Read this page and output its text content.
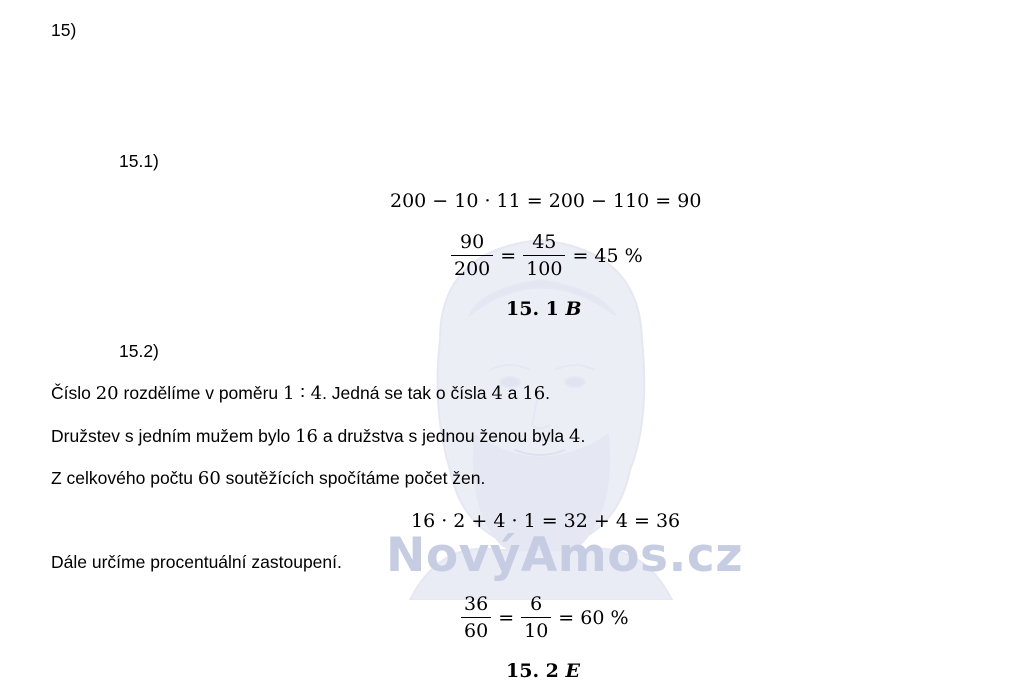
NovýAmos.cz
15)
15.1)
200 − 10 · 11 = 200 − 110 = 90
$\frac{90}{200} = \frac{45}{100} = 45$ %
15. 1 B
15.2)
Číslo 20 rozdělíme v poměru 1 ∶ 4. Jedná se tak o čísla 4 a 16.
Družstev s jedním mužem bylo 16 a družstva s jednou ženou byla 4.
Z celkového počtu 60 soutěžících spočítáme počet žen.
16 · 2 + 4 · 1 = 32 + 4 = 36
Dále určíme procentuální zastoupení.
$\frac{36}{60} = \frac{6}{10} = 60$ %
15. 2 E
